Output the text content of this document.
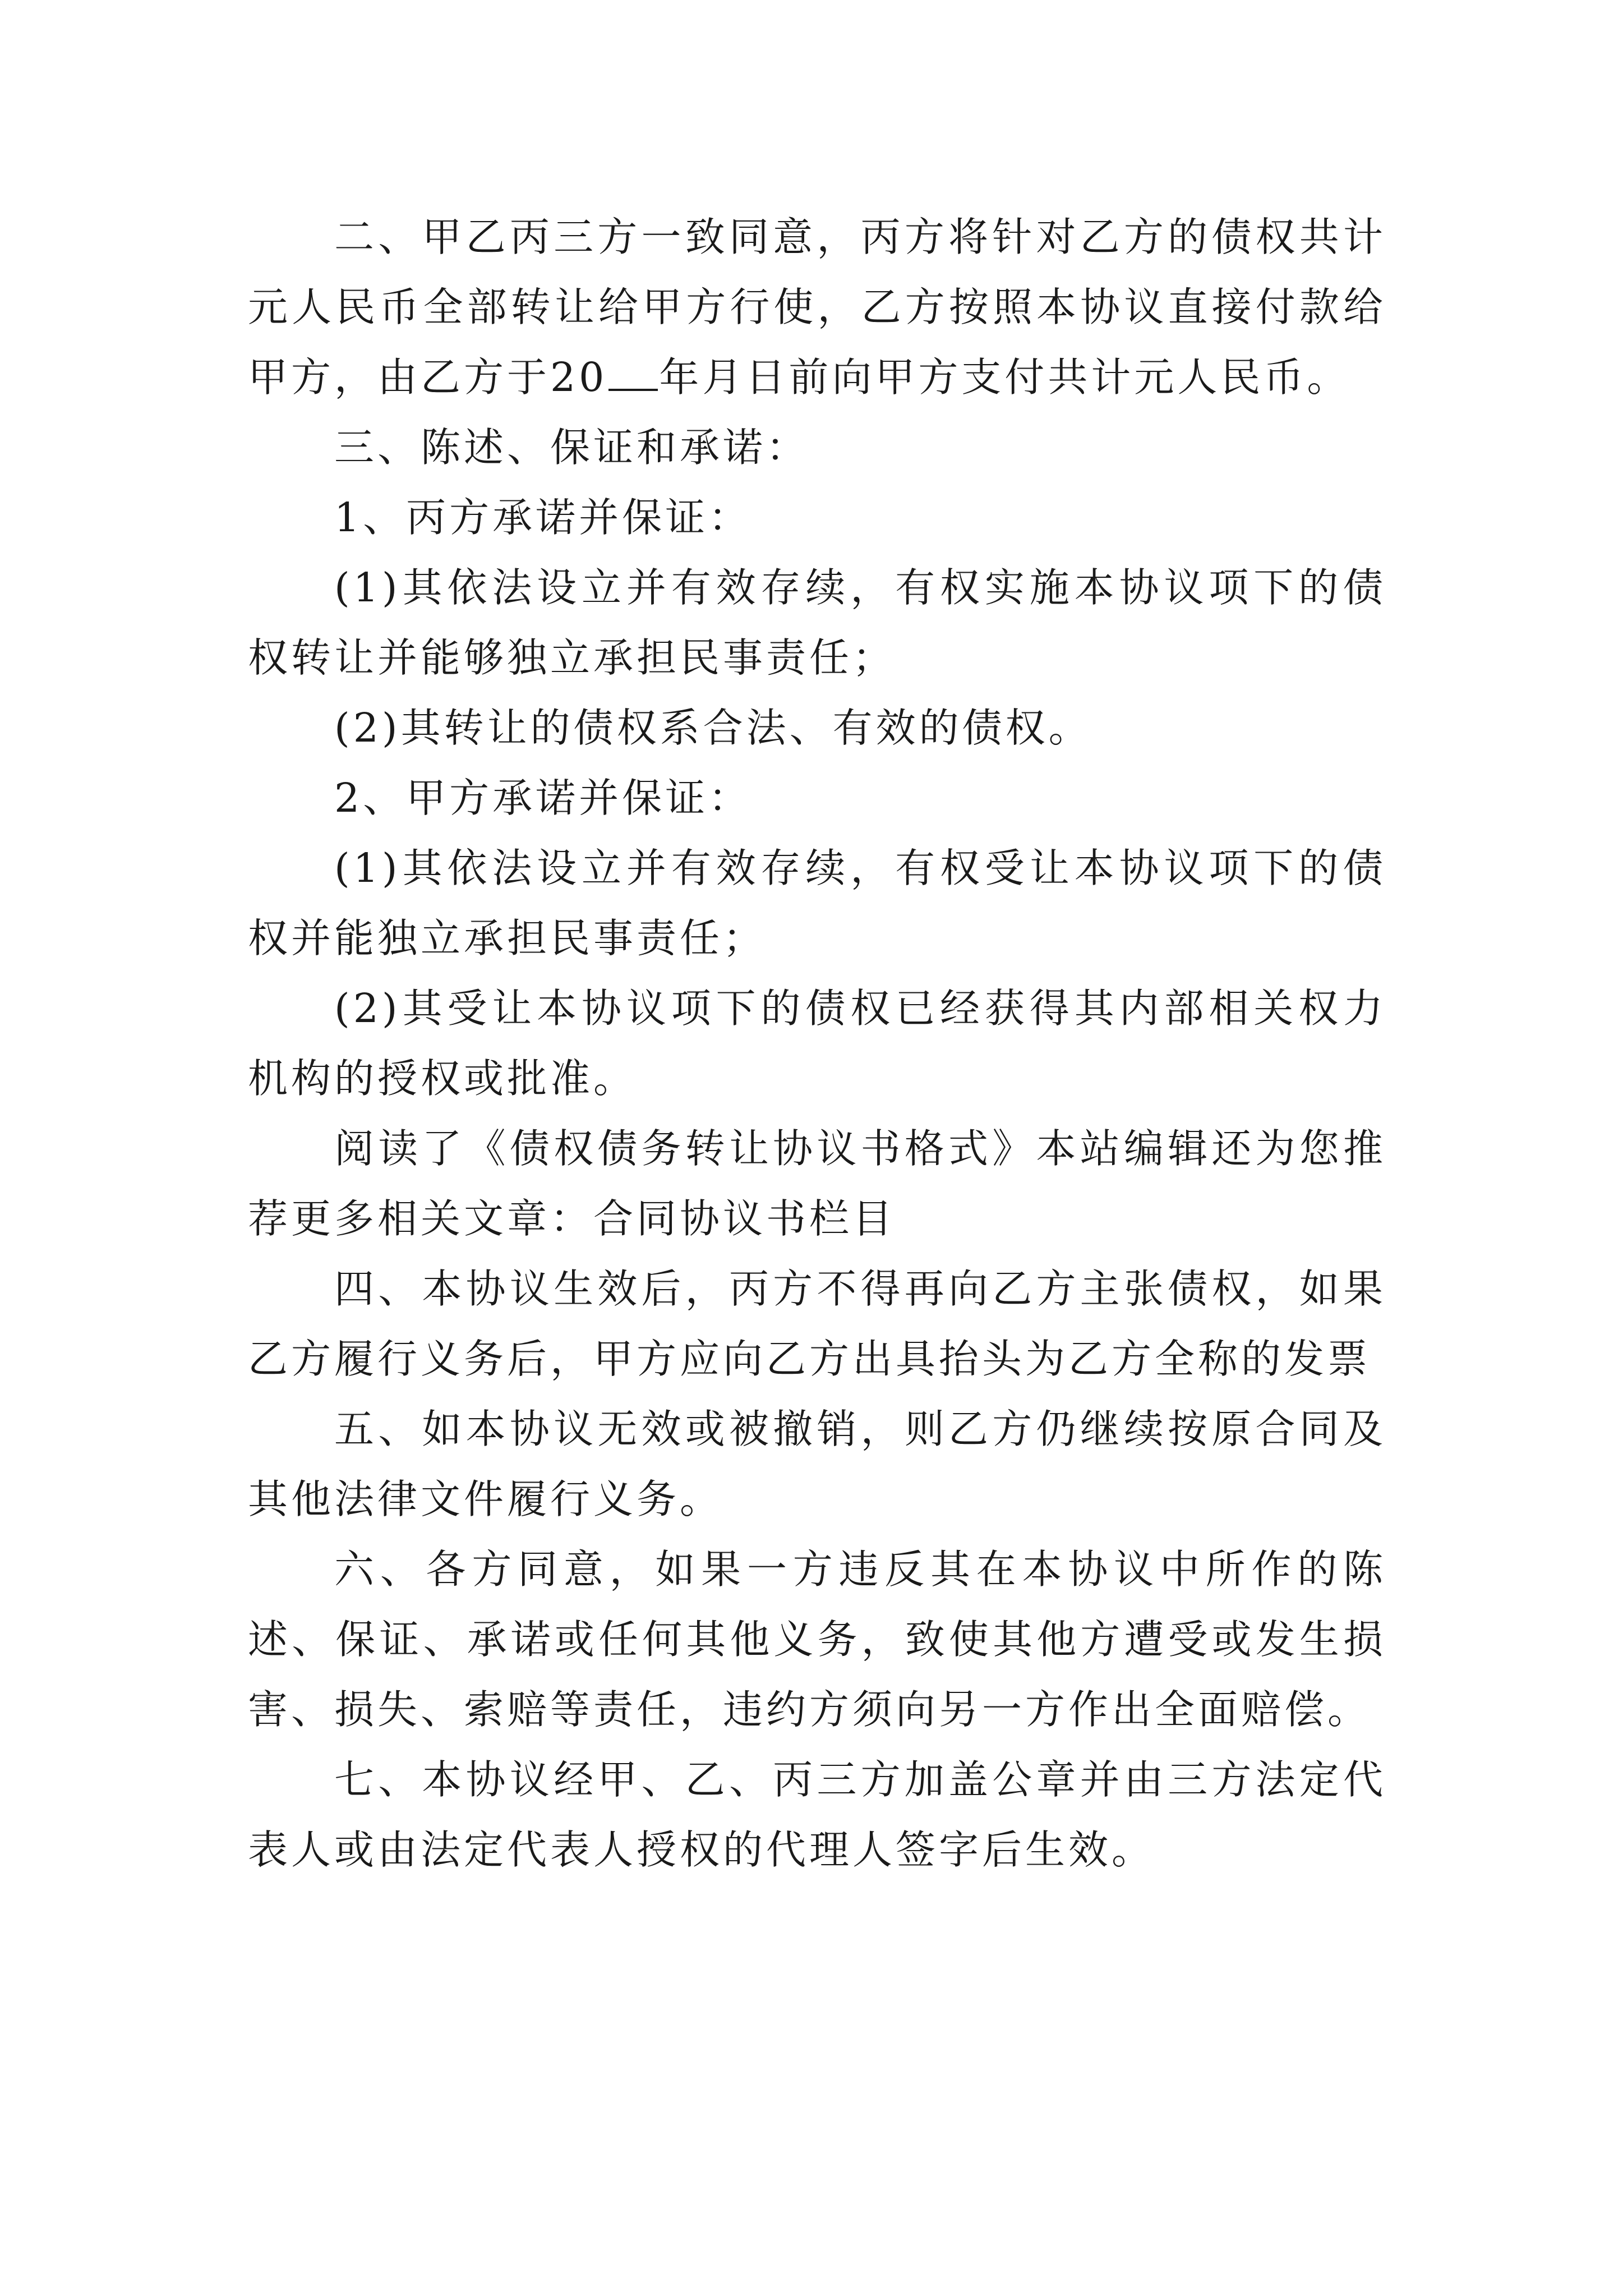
二、甲乙丙三方一致同意，丙方将针对乙方的债权共计元人民币全部转让给甲方行使，乙方按照本协议直接付款给甲方，由乙方于20 年月日前向甲方支付共计元人民币。

三、陈述、保证和承诺：

1、丙方承诺并保证：

(1)其依法设立并有效存续，有权实施本协议项下的债权转让并能够独立承担民事责任；

(2)其转让的债权系合法、有效的债权。

2、甲方承诺并保证：

(1)其依法设立并有效存续，有权受让本协议项下的债权并能独立承担民事责任；

(2)其受让本协议项下的债权已经获得其内部相关权力机构的授权或批准。

阅读了《债权债务转让协议书格式》本站编辑还为您推荐更多相关文章：合同协议书栏目

四、本协议生效后，丙方不得再向乙方主张债权，如果乙方履行义务后，甲方应向乙方出具抬头为乙方全称的发票

五、如本协议无效或被撤销，则乙方仍继续按原合同及其他法律文件履行义务。

六、各方同意，如果一方违反其在本协议中所作的陈述、保证、承诺或任何其他义务，致使其他方遭受或发生损害、损失、索赔等责任，违约方须向另一方作出全面赔偿。

七、本协议经甲、乙、丙三方加盖公章并由三方法定代表人或由法定代表人授权的代理人签字后生效。
